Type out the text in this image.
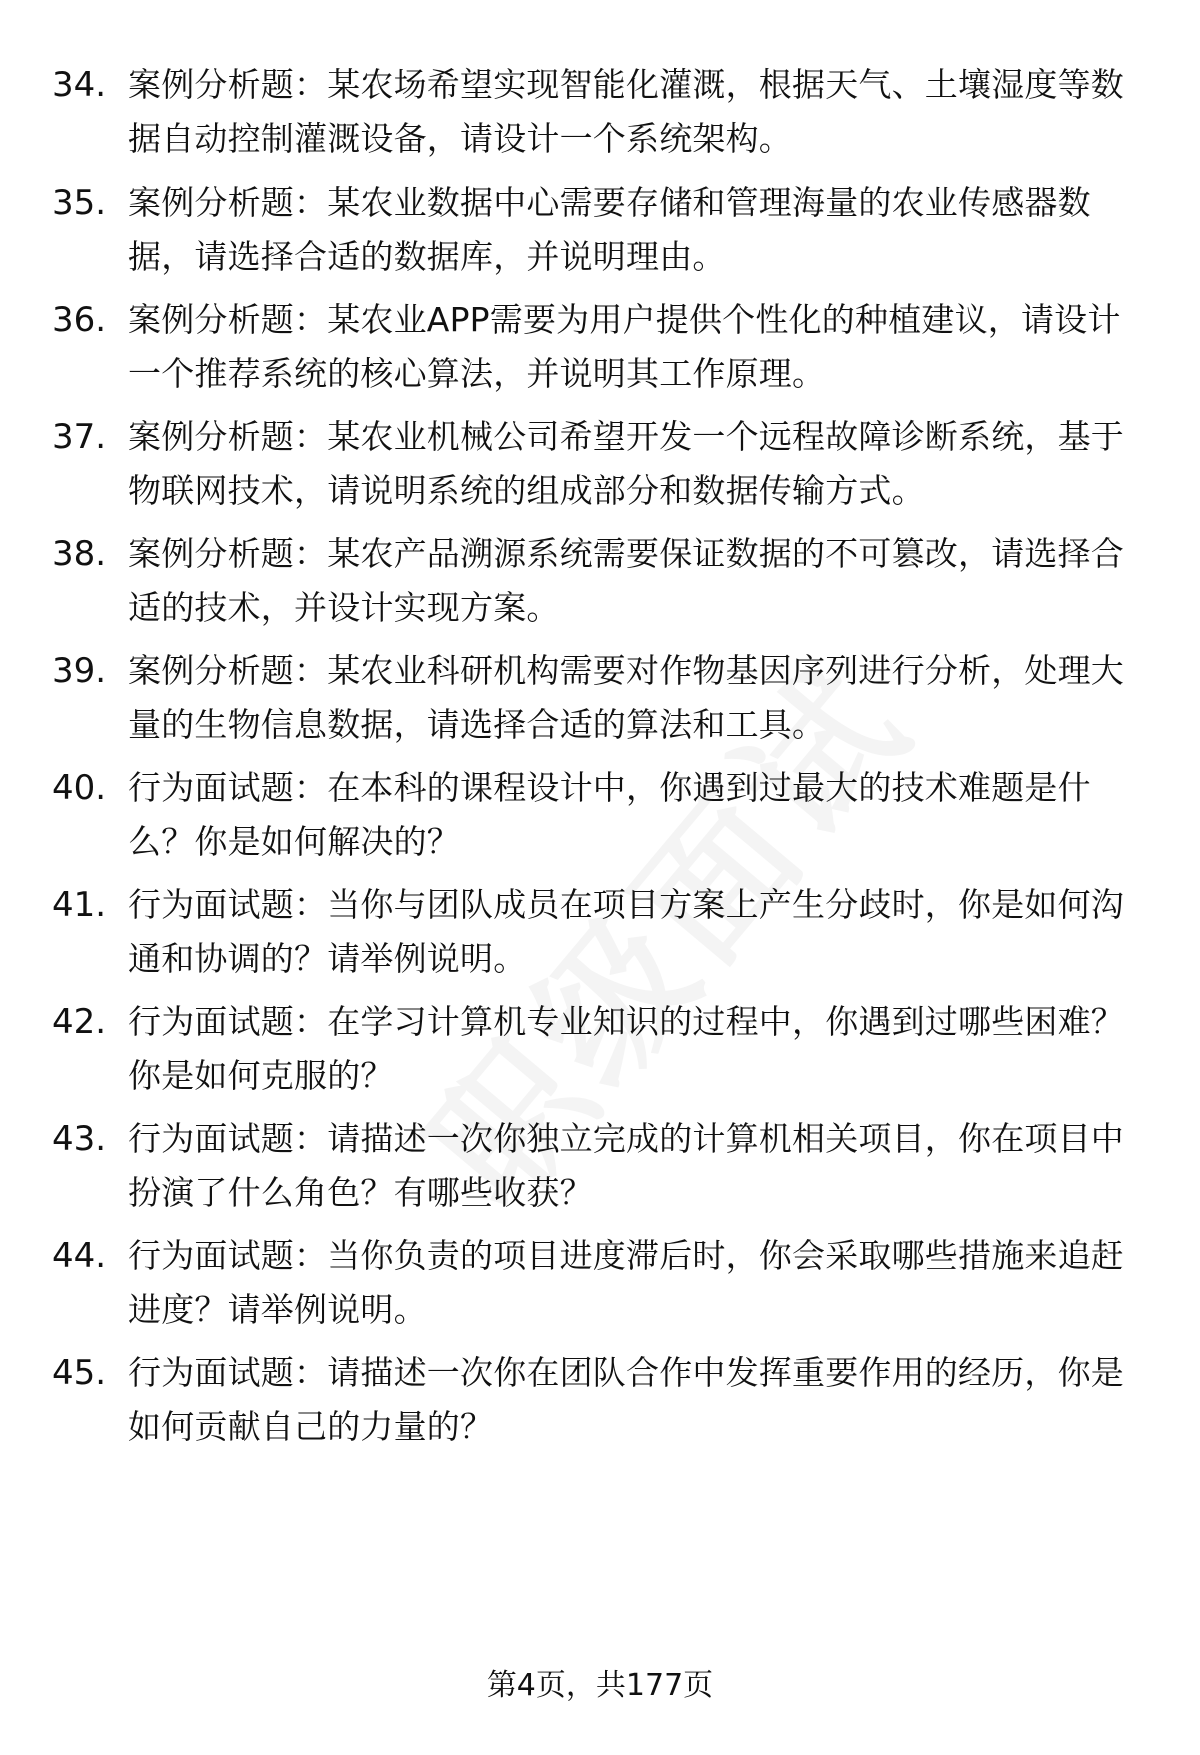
34. 案例分析题：某农场希望实现智能化灌溉，根据天气、土壤湿度等数据自动控制灌溉设备，请设计一个系统架构。
35. 案例分析题：某农业数据中心需要存储和管理海量的农业传感器数据，请选择合适的数据库，并说明理由。
36. 案例分析题：某农业APP需要为用户提供个性化的种植建议，请设计一个推荐系统的核心算法，并说明其工作原理。
37. 案例分析题：某农业机械公司希望开发一个远程故障诊断系统，基于物联网技术，请说明系统的组成部分和数据传输方式。
38. 案例分析题：某农产品溯源系统需要保证数据的不可篡改，请选择合适的技术，并设计实现方案。
39. 案例分析题：某农业科研机构需要对作物基因序列进行分析，处理大量的生物信息数据，请选择合适的算法和工具。
40. 行为面试题：在本科的课程设计中，你遇到过最大的技术难题是什么？你是如何解决的？
41. 行为面试题：当你与团队成员在项目方案上产生分歧时，你是如何沟通和协调的？请举例说明。
42. 行为面试题：在学习计算机专业知识的过程中，你遇到过哪些困难？你是如何克服的？
43. 行为面试题：请描述一次你独立完成的计算机相关项目，你在项目中扮演了什么角色？有哪些收获？
44. 行为面试题：当你负责的项目进度滞后时，你会采取哪些措施来追赶进度？请举例说明。
45. 行为面试题：请描述一次你在团队合作中发挥重要作用的经历，你是如何贡献自己的力量的？
第4页，共177页
